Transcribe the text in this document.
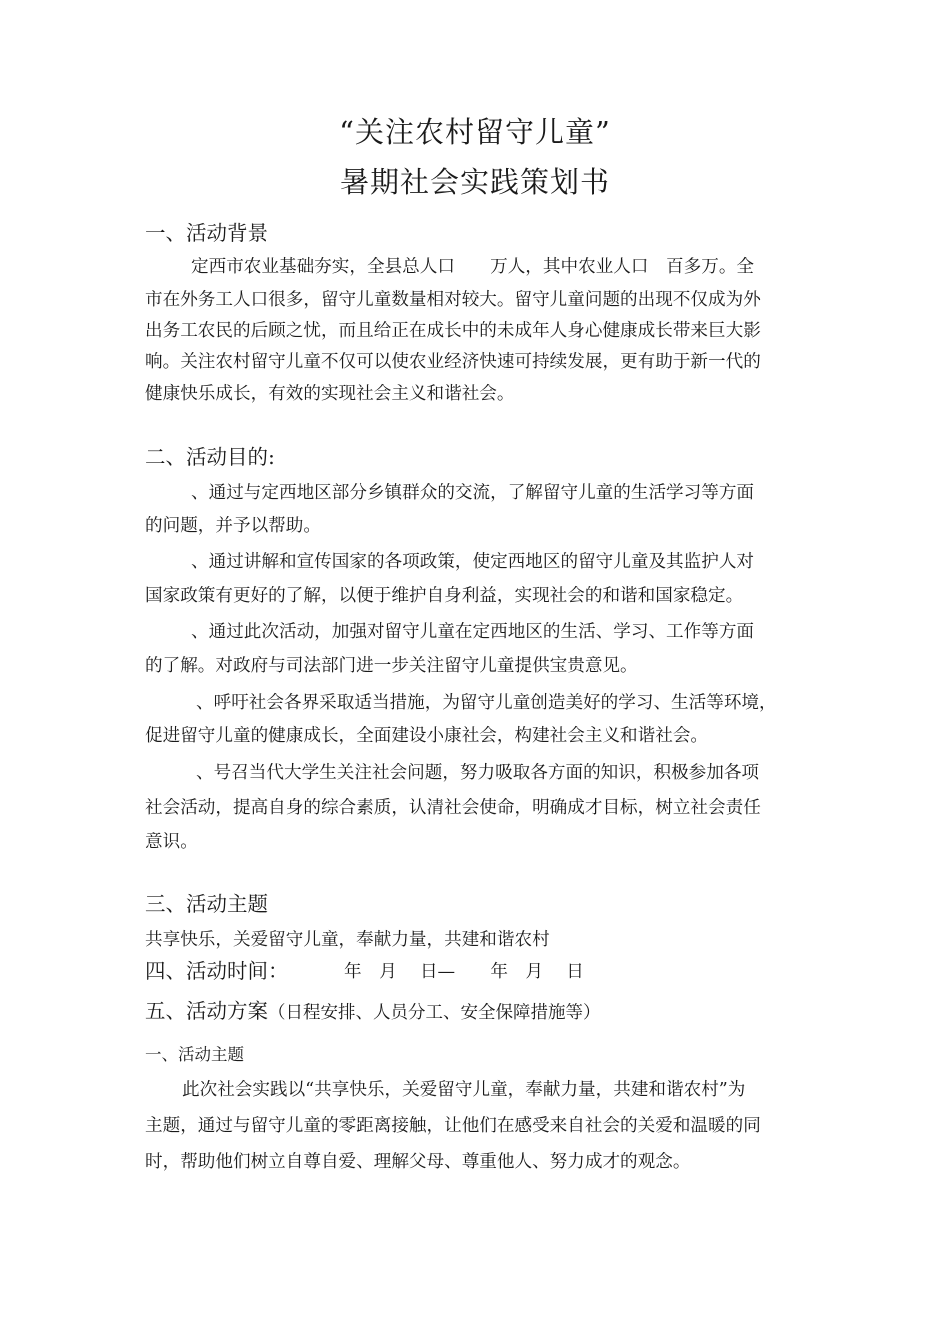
“关注农村留守儿童”
暑期社会实践策划书
一、活动背景
定西市农业基础夯实，全县总人口　　万人，其中农业人口　百多万。全
市在外务工人口很多，留守儿童数量相对较大。留守儿童问题的出现不仅成为外
出务工农民的后顾之忧，而且给正在成长中的未成年人身心健康成长带来巨大影
响。关注农村留守儿童不仅可以使农业经济快速可持续发展，更有助于新一代的
健康快乐成长，有效的实现社会主义和谐社会。
二、活动目的:
、通过与定西地区部分乡镇群众的交流，了解留守儿童的生活学习等方面
的问题，并予以帮助。
、通过讲解和宣传国家的各项政策，使定西地区的留守儿童及其监护人对
国家政策有更好的了解，以便于维护自身利益，实现社会的和谐和国家稳定。
、通过此次活动，加强对留守儿童在定西地区的生活、学习、工作等方面
的了解。对政府与司法部门进一步关注留守儿童提供宝贵意见。
、呼吁社会各界采取适当措施，为留守儿童创造美好的学习、生活等环境，
促进留守儿童的健康成长，全面建设小康社会，构建社会主义和谐社会。
、号召当代大学生关注社会问题，努力吸取各方面的知识，积极参加各项
社会活动，提高自身的综合素质，认清社会使命，明确成才目标，树立社会责任
意识。
三、活动主题
共享快乐，关爱留守儿童，奉献力量，共建和谐农村
四、活动时间：	年　月　 日—　　年　月　 日
五、活动方案（日程安排、人员分工、安全保障措施等）
一、活动主题
此次社会实践以“共享快乐，关爱留守儿童，奉献力量，共建和谐农村”为
主题，通过与留守儿童的零距离接触，让他们在感受来自社会的关爱和温暖的同
时，帮助他们树立自尊自爱、理解父母、尊重他人、努力成才的观念。
